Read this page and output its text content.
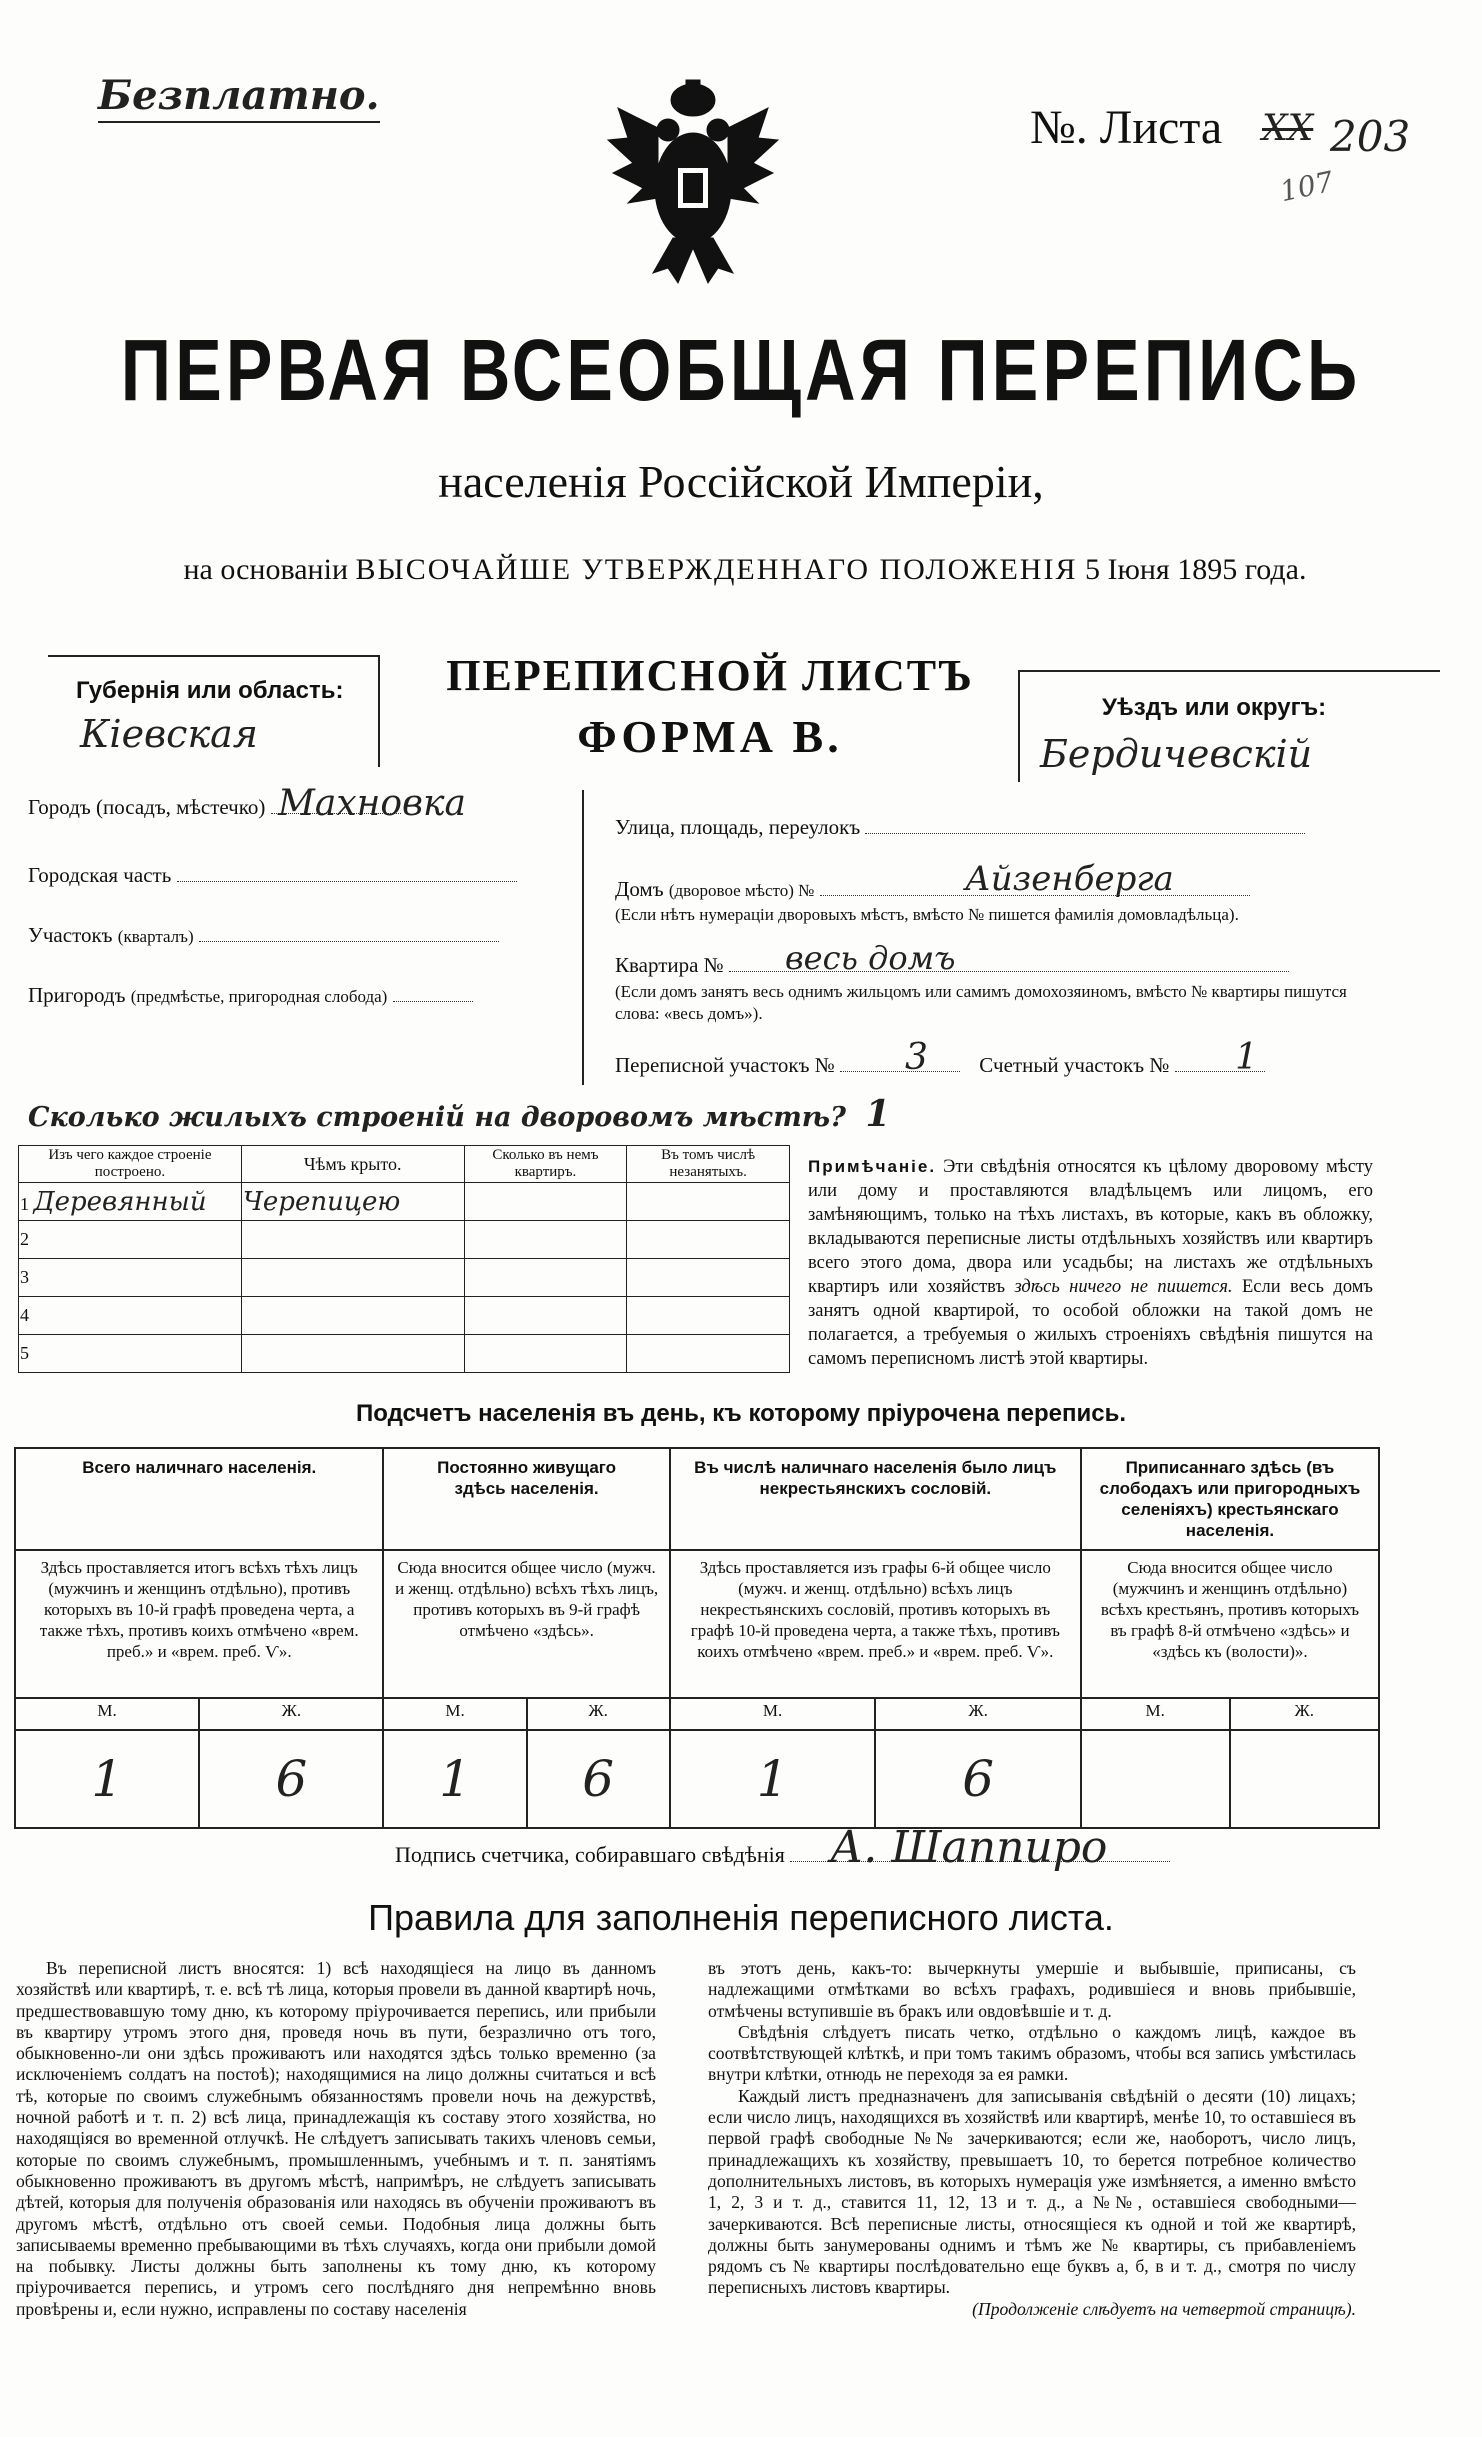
Безплатно.
№. Листа XX 203
107
ПЕРВАЯ ВСЕОБЩАЯ ПЕРЕПИСЬ
населенія Россійской Имперіи,
на основаніи ВЫСОЧАЙШЕ УТВЕРЖДЕННАГО ПОЛОЖЕНІЯ 5 Іюня 1895 года.
Губернія или область:
Кіевская
ПЕРЕПИСНОЙ ЛИСТЪ
ФОРМА В.
Уѣздъ или округъ:
Бердичевскій
Городъ (посадъ, мѣстечко) Махновка
Городская часть
Участокъ (кварталъ)
Пригородъ (предмѣстье, пригородная слобода)
Улица, площадь, переулокъ
Домъ (дворовое мѣсто) №	Айзенберга
(Если нѣтъ нумераціи дворовыхъ мѣстъ, вмѣсто № пишется фамилія домовладѣльца).
Квартира № весь домъ
(Если домъ занятъ весь однимъ жильцомъ или самимъ домохозяиномъ, вмѣсто № квартиры пишутся слова: «весь домъ»).
Переписной участокъ № 3 Счетный участокъ № 1
Сколько жилыхъ строеній на дворовомъ мѣстѣ? 1
Изъ чего каждое строеніе построено.	Чѣмъ крыто.	Сколько въ немъ квартиръ.	Въ томъ числѣ незанятыхъ.
1 Деревянный	Черепицею		
2			
3			
4			
5			
Примѣчаніе. Эти свѣдѣнія относятся къ цѣлому дворовому мѣсту или дому и проставляются владѣльцемъ или лицомъ, его замѣняющимъ, только на тѣхъ листахъ, въ которые, какъ въ обложку, вкладываются переписные листы отдѣльныхъ хозяйствъ или квартиръ всего этого дома, двора или усадьбы; на листахъ же отдѣльныхъ квартиръ или хозяйствъ здѣсь ничего не пишется. Если весь домъ занятъ одной квартирой, то особой обложки на такой домъ не полагается, а требуемыя о жилыхъ строеніяхъ свѣдѣнія пишутся на самомъ переписномъ листѣ этой квартиры.
Подсчетъ населенія въ день, къ которому пріурочена перепись.
Всего наличнаго населенія.		Постоянно живущаго здѣсь населенія.		Въ числѣ наличнаго населенія было лицъ некрестьянскихъ сословій.		Приписаннаго здѣсь (въ слободахъ или пригородныхъ селеніяхъ) крестьянскаго населенія.	
Здѣсь проставляется итогъ всѣхъ тѣхъ лицъ (мужчинъ и женщинъ отдѣльно), противъ которыхъ въ 10-й графѣ проведена черта, а также тѣхъ, противъ коихъ отмѣчено «врем. преб.» и «врем. преб. Ѵ».		Сюда вносится общее число (мужч. и женщ. отдѣльно) всѣхъ тѣхъ лицъ, противъ которыхъ въ 9-й графѣ отмѣчено «здѣсь».		Здѣсь проставляется изъ графы 6-й общее число (мужч. и женщ. отдѣльно) всѣхъ лицъ некрестьянскихъ сословій, противъ которыхъ въ графѣ 10-й проведена черта, а также тѣхъ, противъ коихъ отмѣчено «врем. преб.» и «врем. преб. Ѵ».		Сюда вносится общее число (мужчинъ и женщинъ отдѣльно) всѣхъ крестьянъ, противъ которыхъ въ графѣ 8-й отмѣчено «здѣсь» и «здѣсь къ (волости)».	
М.	Ж.	М.	Ж.	М.	Ж.	М.	Ж.
1	6	1	6	1	6		
Подпись счетчика, собиравшаго свѣдѣнія	А. Шаппиро
Правила для заполненія переписного листа.
Въ переписной листъ вносятся: 1) всѣ находящіеся на лицо въ данномъ хозяйствѣ или квартирѣ, т. е. всѣ тѣ лица, которыя провели въ данной квартирѣ ночь, предшествовавшую тому дню, къ которому пріурочивается перепись, или прибыли въ квартиру утромъ этого дня, проведя ночь въ пути, безразлично отъ того, обыкновенно-ли они здѣсь проживаютъ или находятся здѣсь только временно (за исключеніемъ солдатъ на постоѣ); находящимися на лицо должны считаться и всѣ тѣ, которые по своимъ служебнымъ обязанностямъ провели ночь на дежурствѣ, ночной работѣ и т. п. 2) всѣ лица, принадлежащія къ составу этого хозяйства, но находящіяся во временной отлучкѣ. Не слѣдуетъ записывать такихъ членовъ семьи, которые по своимъ служебнымъ, промышленнымъ, учебнымъ и т. п. занятіямъ обыкновенно проживаютъ въ другомъ мѣстѣ, напримѣръ, не слѣдуетъ записывать дѣтей, которыя для полученія образованія или находясь въ обученіи проживаютъ въ другомъ мѣстѣ, отдѣльно отъ своей семьи. Подобныя лица должны быть записываемы временно пребывающими въ тѣхъ случаяхъ, когда они прибыли домой на побывку. Листы должны быть заполнены къ тому дню, къ которому пріурочивается перепись, и утромъ сего послѣдняго дня непремѣнно вновь провѣрены и, если нужно, исправлены по составу населенія
въ этотъ день, какъ-то: вычеркнуты умершіе и выбывшіе, приписаны, съ надлежащими отмѣтками во всѣхъ графахъ, родившіеся и вновь прибывшіе, отмѣчены вступившіе въ бракъ или овдовѣвшіе и т. д.
Свѣдѣнія слѣдуетъ писать четко, отдѣльно о каждомъ лицѣ, каждое въ соотвѣтствующей клѣткѣ, и при томъ такимъ образомъ, чтобы вся запись умѣстилась внутри клѣтки, отнюдь не переходя за ея рамки.
Каждый листъ предназначенъ для записыванія свѣдѣній о десяти (10) лицахъ; если число лицъ, находящихся въ хозяйствѣ или квартирѣ, менѣе 10, то оставшіеся въ первой графѣ свободные №№ зачеркиваются; если же, наоборотъ, число лицъ, принадлежащихъ къ хозяйству, превышаетъ 10, то берется потребное количество дополнительныхъ листовъ, въ которыхъ нумерація уже измѣняется, а именно вмѣсто 1, 2, 3 и т. д., ставится 11, 12, 13 и т. д., а №№, оставшіеся свободными—зачеркиваются. Всѣ переписные листы, относящіеся къ одной и той же квартирѣ, должны быть занумерованы однимъ и тѣмъ же № квартиры, съ прибавленіемъ рядомъ съ № квартиры послѣдовательно еще буквъ а, б, в и т. д., смотря по числу переписныхъ листовъ квартиры.
(Продолженіе слѣдуетъ на четвертой страницѣ).
